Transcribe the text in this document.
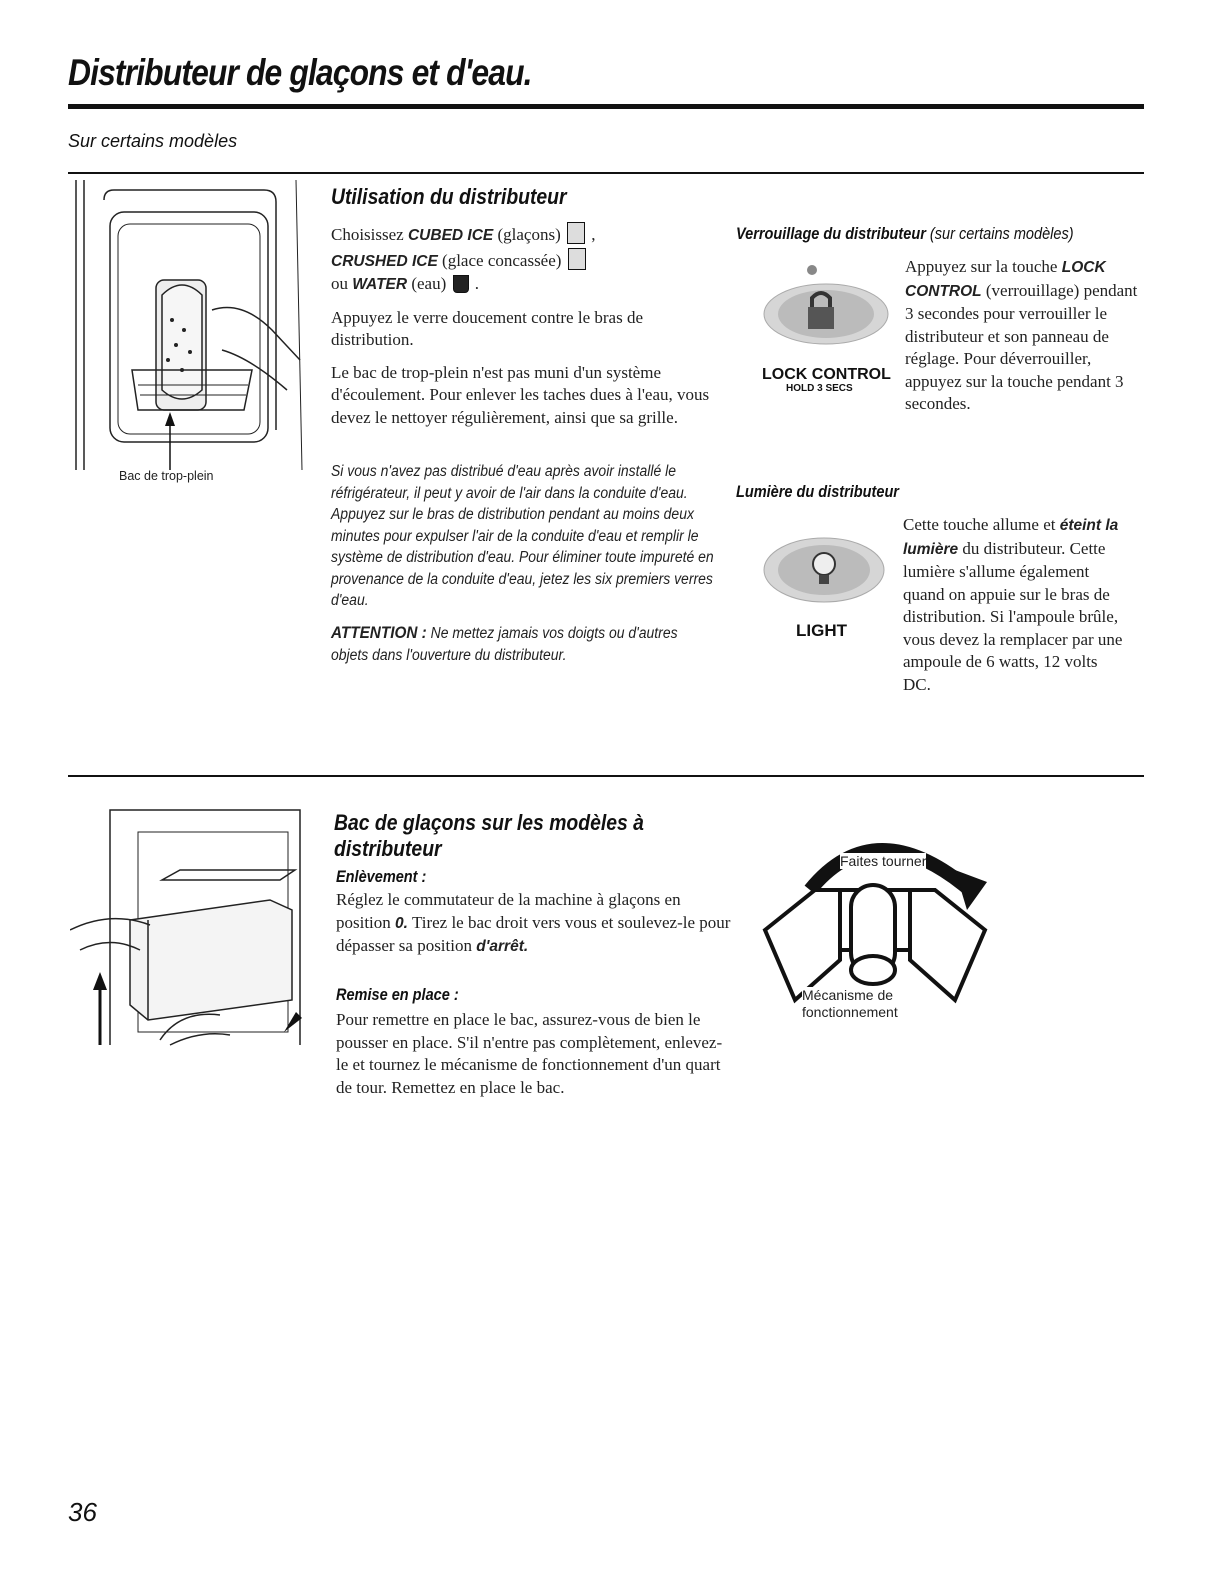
Distributeur de glaçons et d'eau.
Sur certains modèles
Bac de trop-plein
Utilisation du distributeur
Choisissez CUBED ICE (glaçons)  ,
CRUSHED ICE (glace concassée)
ou WATER (eau)  .

Appuyez le verre doucement contre le bras de distribution.

Le bac de trop-plein n'est pas muni d'un système d'écoulement. Pour enlever les taches dues à l'eau, vous devez le nettoyer régulièrement, ainsi que sa grille.

Si vous n'avez pas distribué d'eau après avoir installé le réfrigérateur, il peut y avoir de l'air dans la conduite d'eau. Appuyez sur le bras de distribution pendant au moins deux minutes pour expulser l'air de la conduite d'eau et remplir le système de distribution d'eau. Pour éliminer toute impureté en provenance de la conduite d'eau, jetez les six premiers verres d'eau.
ATTENTION : Ne mettez jamais vos doigts ou d'autres objets dans l'ouverture du distributeur.
Verrouillage du distributeur (sur certains modèles)
LOCK CONTROL
HOLD 3 SECS
Appuyez sur la touche LOCK CONTROL (verrouillage) pendant 3 secondes pour verrouiller le distributeur et son panneau de réglage. Pour déverrouiller, appuyez sur la touche pendant 3 secondes.
Lumière du distributeur
LIGHT
Cette touche allume et éteint la lumière du distributeur. Cette lumière s'allume également quand on appuie sur le bras de distribution. Si l'ampoule brûle, vous devez la remplacer par une ampoule de 6 watts, 12 volts DC.
Bac de glaçons sur les modèles à
distributeur
Enlèvement :
Réglez le commutateur de la machine à glaçons en position 0. Tirez le bac droit vers vous et soulevez-le pour dépasser sa position d'arrêt.
Remise en place :
Pour remettre en place le bac, assurez-vous de bien le pousser en place. S'il n'entre pas complètement, enlevez-le et tournez le mécanisme de fonctionnement d'un quart de tour. Remettez en place le bac.
Faites tourner
Mécanisme de
fonctionnement
36
